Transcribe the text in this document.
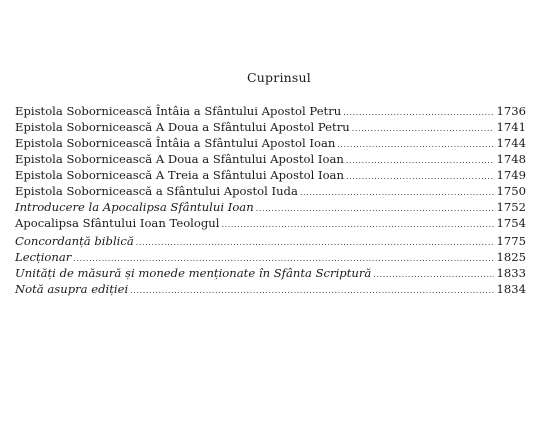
Cuprinsul
Epistola Sobornicească Întâia a Sfântului Apostol Petru .....	1736
Epistola Sobornicească A Doua a Sfântului Apostol Petru .....	1741
Epistola Sobornicească Întâia a Sfântului Apostol Ioan .....	1744
Epistola Sobornicească A Doua a Sfântului Apostol Ioan .....	1748
Epistola Sobornicească A Treia a Sfântului Apostol Ioan .....	1749
Epistola Sobornicească a Sfântului Apostol Iuda .....	1750
Introducere la Apocalipsa Sfântului Ioan .....	1752
Apocalipsa Sfântului Ioan Teologul .....	1754
Concordanță biblică .....	1775
Lecționar .....	1825
Unități de măsură și monede menționate în Sfânta Scriptură .....	1833
Notă asupra ediției .....	1834
